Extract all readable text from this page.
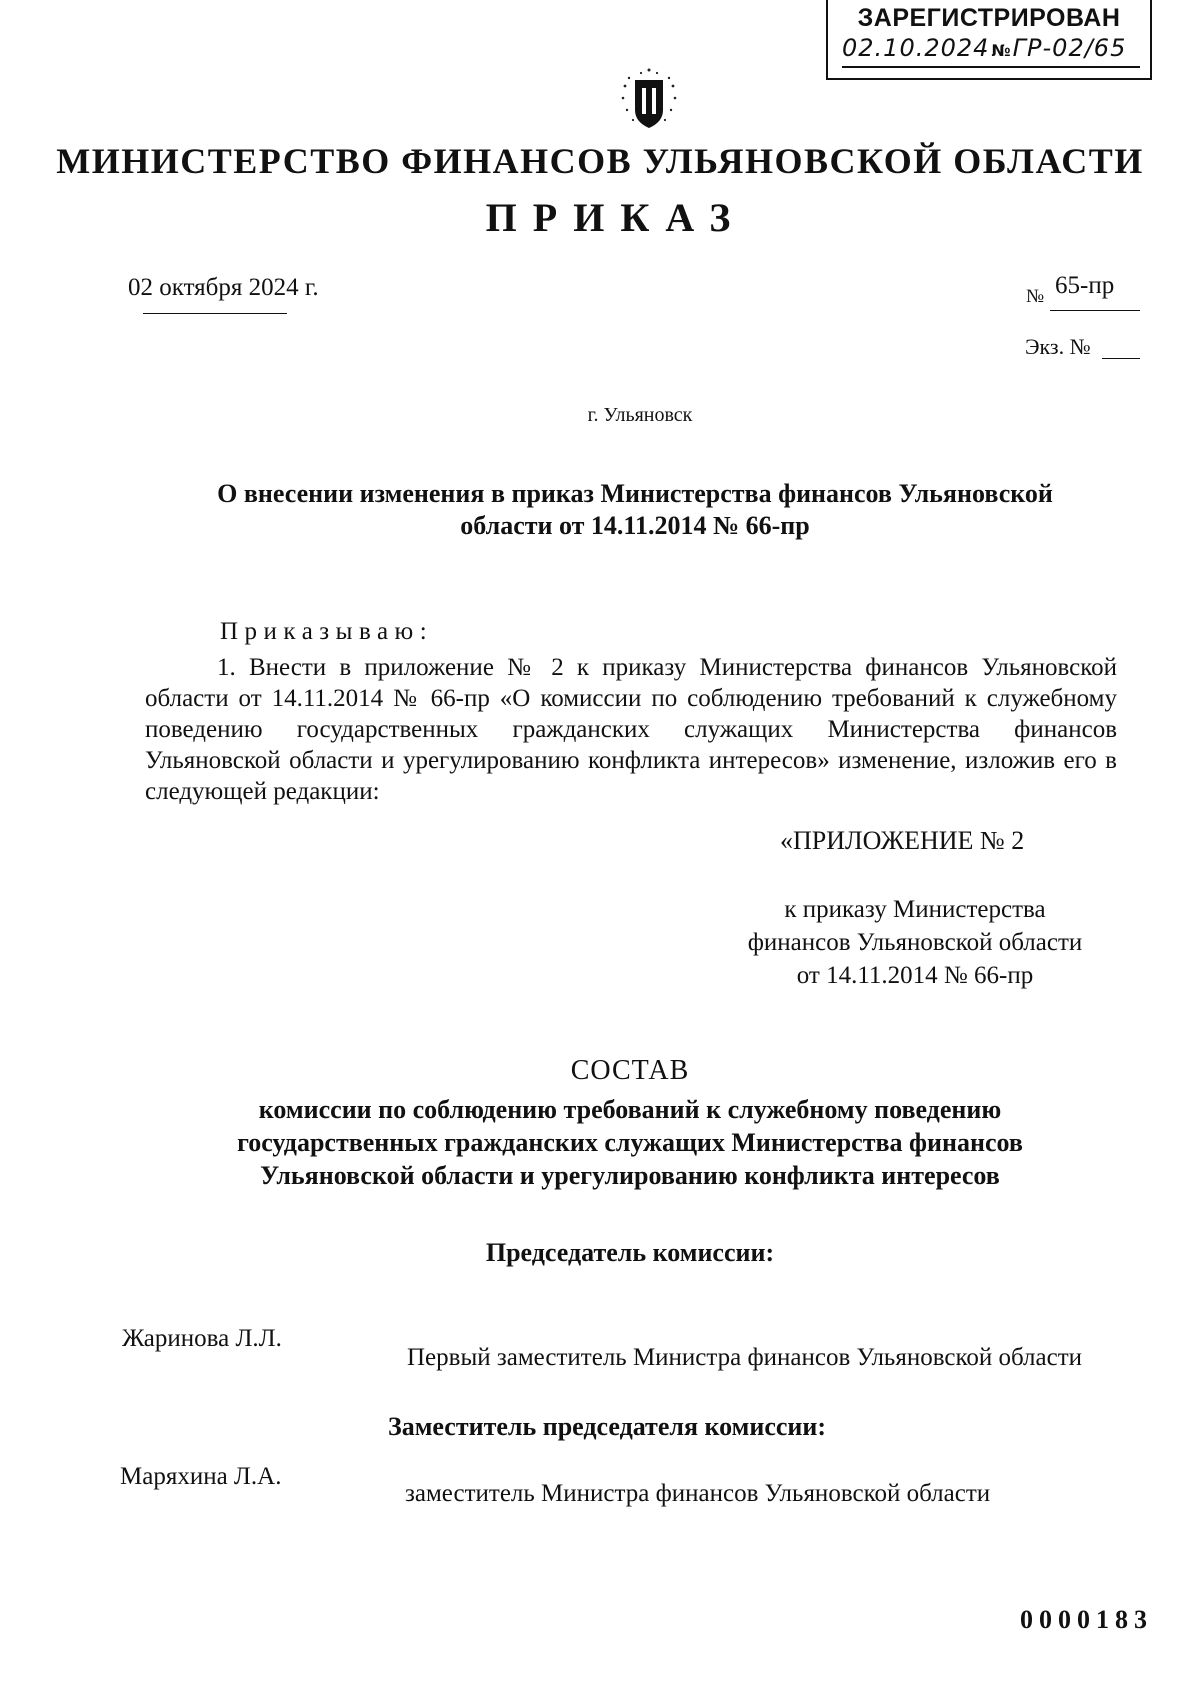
ЗАРЕГИСТРИРОВАН
02.10.2024 №ГР-02/65
МИНИСТЕРСТВО ФИНАНСОВ УЛЬЯНОВСКОЙ ОБЛАСТИ
ПРИКАЗ
02 октября 2024 г.	№ 65-пр
Экз. №
г. Ульяновск
О внесении изменения в приказ Министерства финансов Ульяновской
области от 14.11.2014 № 66-пр
Приказываю:
1. Внести в приложение № 2 к приказу Министерства финансов Ульяновской области от 14.11.2014 № 66-пр «О комиссии по соблюдению требований к служебному поведению государственных гражданских служащих Министерства финансов Ульяновской области и урегулированию конфликта интересов» изменение, изложив его в следующей редакции:
«ПРИЛОЖЕНИЕ № 2
к приказу Министерства
финансов Ульяновской области
от 14.11.2014 № 66-пр
СОСТАВ
комиссии по соблюдению требований к служебному поведению
государственных гражданских служащих Министерства финансов
Ульяновской области и урегулированию конфликта интересов
Председатель комиссии:
Жаринова Л.Л.
Первый заместитель Министра финансов Ульяновской области
Заместитель председателя комиссии:
Маряхина Л.А.
заместитель Министра финансов Ульяновской области
0000183
